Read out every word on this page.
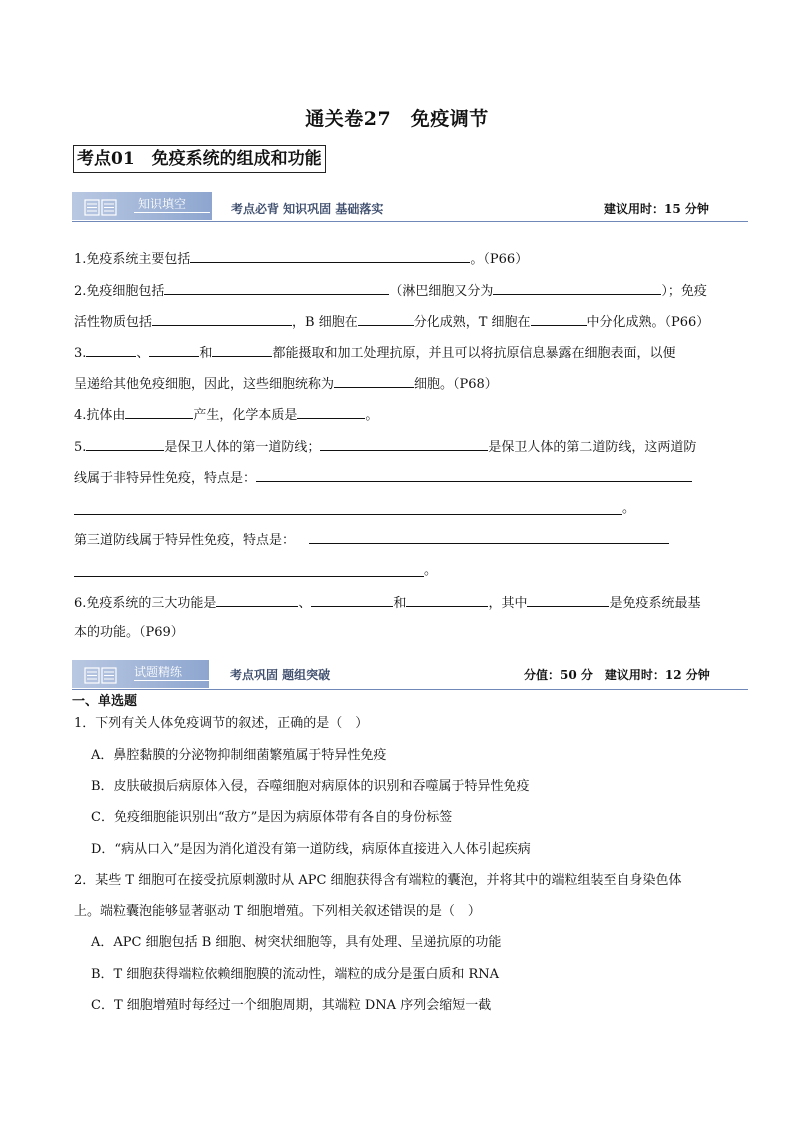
通关卷27　免疫调节
考点01　免疫系统的组成和功能
知识填空	考点必背 知识巩固 基础落实	建议用时：15 分钟
1.免疫系统主要包括	。（P66）
2.免疫细胞包括	（淋巴细胞又分为	）；免疫
活性物质包括	，B 细胞在	分化成熟，T 细胞在	中分化成熟。（P66）
3.	、	和	都能摄取和加工处理抗原，并且可以将抗原信息暴露在细胞表面，以便
呈递给其他免疫细胞，因此，这些细胞统称为	细胞。（P68）
4.抗体由	产生，化学本质是	。
5.	是保卫人体的第一道防线；	是保卫人体的第二道防线，这两道防
线属于非特异性免疫，特点是：
。
第三道防线属于特异性免疫，特点是：
。
6.免疫系统的三大功能是	、	和	，其中	是免疫系统最基
本的功能。（P69）
试题精练	考点巩固 题组突破	分值：50 分　建议用时：12 分钟
一、单选题
1．下列有关人体免疫调节的叙述，正确的是（　）
A．鼻腔黏膜的分泌物抑制细菌繁殖属于特异性免疫
B．皮肤破损后病原体入侵，吞噬细胞对病原体的识别和吞噬属于特异性免疫
C．免疫细胞能识别出“敌方”是因为病原体带有各自的身份标签
D．“病从口入”是因为消化道没有第一道防线，病原体直接进入人体引起疾病
2．某些 T 细胞可在接受抗原刺激时从 APC 细胞获得含有端粒的囊泡，并将其中的端粒组装至自身染色体
上。端粒囊泡能够显著驱动 T 细胞增殖。下列相关叙述错误的是（　）
A．APC 细胞包括 B 细胞、树突状细胞等，具有处理、呈递抗原的功能
B．T 细胞获得端粒依赖细胞膜的流动性，端粒的成分是蛋白质和 RNA
C．T 细胞增殖时每经过一个细胞周期，其端粒 DNA 序列会缩短一截
